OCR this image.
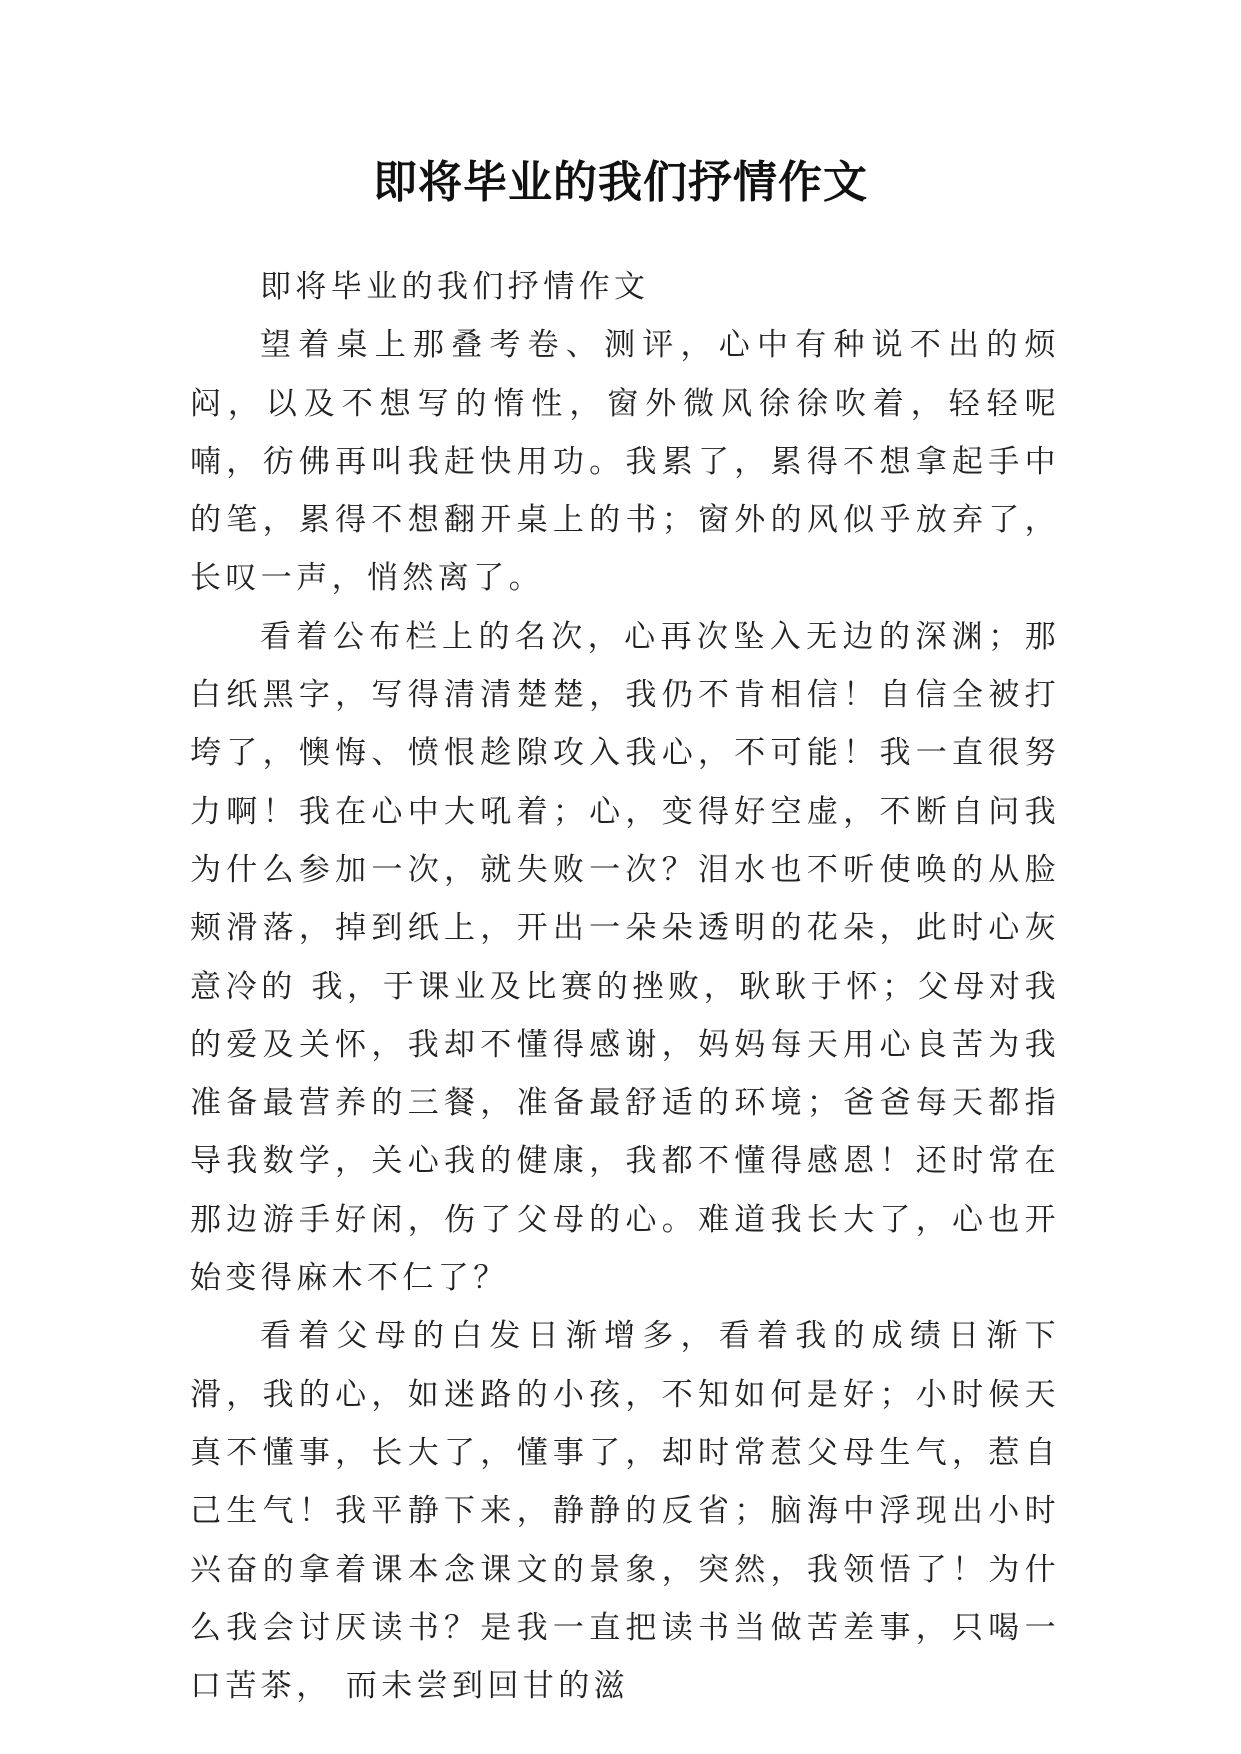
即将毕业的我们抒情作文

即将毕业的我们抒情作文

望着桌上那叠考卷、测评，心中有种说不出的烦闷，以及不想写的惰性，窗外微风徐徐吹着，轻轻呢喃，彷佛再叫我赶快用功。我累了，累得不想拿起手中的笔，累得不想翻开桌上的书；窗外的风似乎放弃了，长叹一声，悄然离了。

看着公布栏上的名次，心再次坠入无边的深渊；那白纸黑字，写得清清楚楚，我仍不肯相信！自信全被打垮了，懊悔、愤恨趁隙攻入我心，不可能！我一直很努力啊！我在心中大吼着；心，变得好空虚，不断自问我为什么参加一次，就失败一次？泪水也不听使唤的从脸颊滑落，掉到纸上，开出一朵朵透明的花朵，此时心灰意冷的 我，于课业及比赛的挫败，耿耿于怀；父母对我的爱及关怀，我却不懂得感谢，妈妈每天用心良苦为我准备最营养的三餐，准备最舒适的环境；爸爸每天都指导我数学，关心我的健康，我都不懂得感恩！还时常在那边游手好闲，伤了父母的心。难道我长大了，心也开始变得麻木不仁了？

看着父母的白发日渐增多，看着我的成绩日渐下滑，我的心，如迷路的小孩，不知如何是好；小时候天真不懂事，长大了，懂事了，却时常惹父母生气，惹自己生气！我平静下来，静静的反省；脑海中浮现出小时兴奋的拿着课本念课文的景象，突然，我领悟了！为什么我会讨厌读书？是我一直把读书当做苦差事，只喝一口苦茶， 而未尝到回甘的滋
